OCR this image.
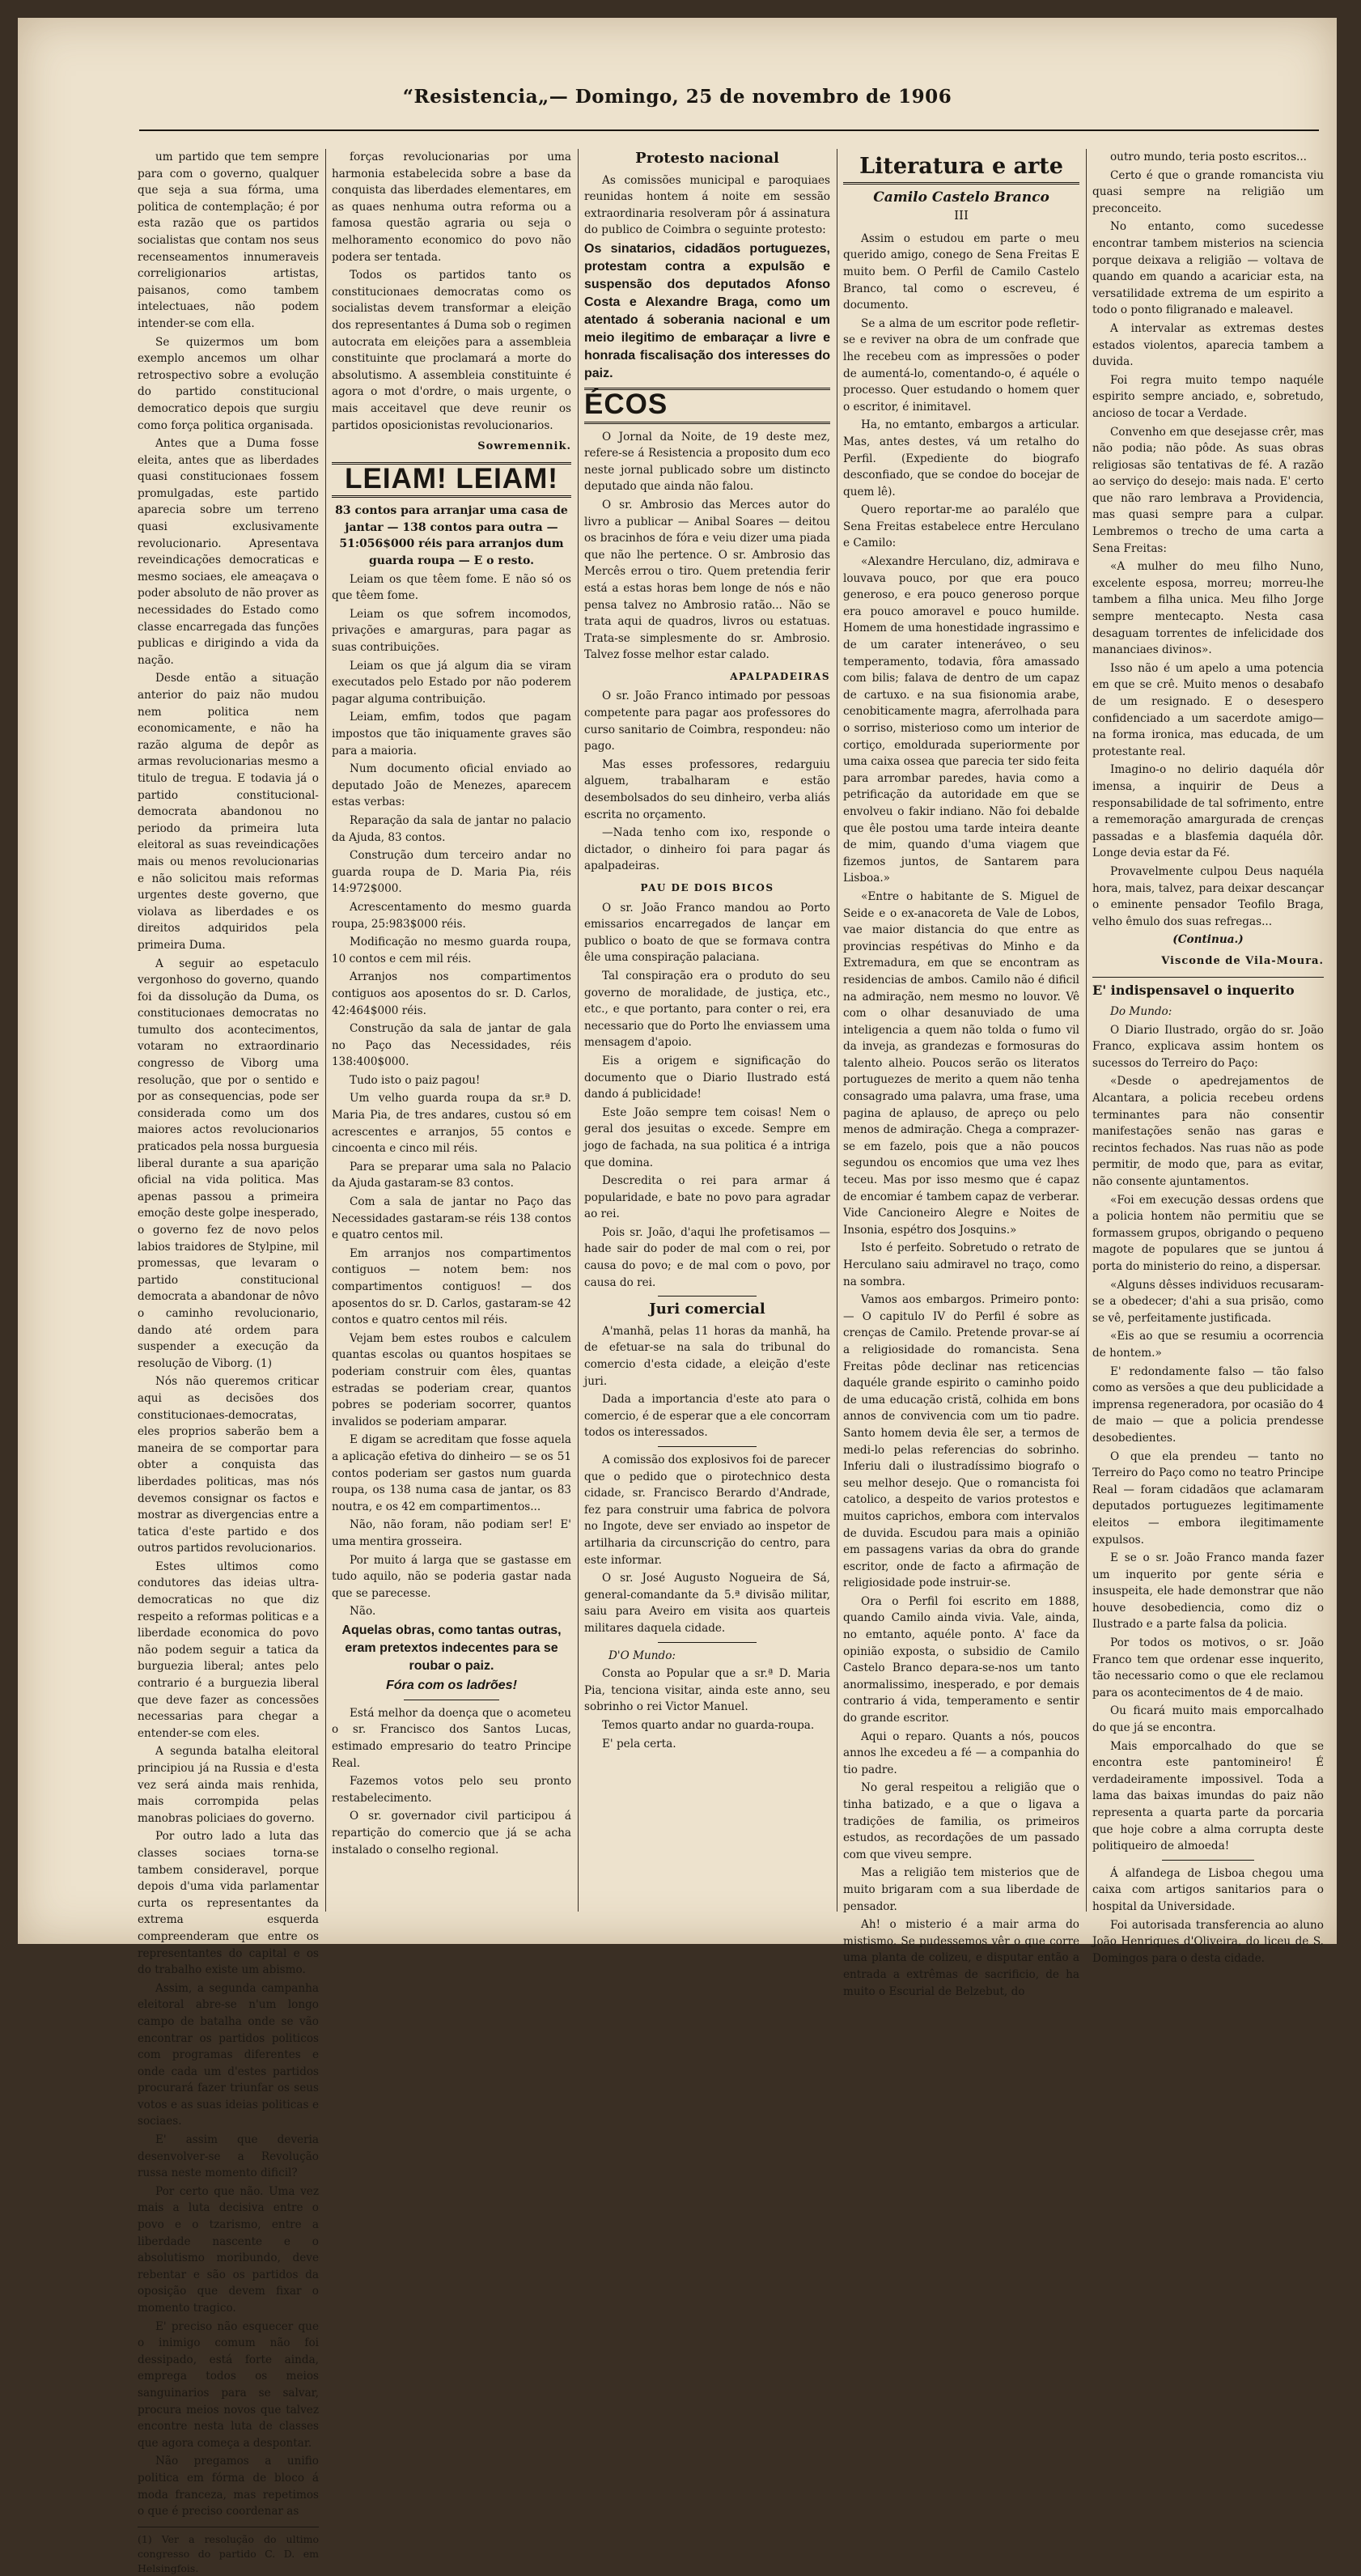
“Resistencia„— Domingo, 25 de novembro de 1906

um partido que tem sempre para com o governo, qualquer que seja a sua fórma, uma politica de contemplação; é por esta razão que os partidos socialistas que contam nos seus recenseamentos innumeraveis correligionarios artistas, paisanos, como tambem intelectuaes, não podem intender-se com ella.

Se quizermos um bom exemplo ancemos um olhar retrospectivo sobre a evolução do partido constitucional democratico depois que surgiu como força politica organisada.

Antes que a Duma fosse eleita, antes que as liberdades quasi constitucionaes fossem promulgadas, este partido aparecia sobre um terreno quasi exclusivamente revolucionario. Apresentava reveindicações democraticas e mesmo sociaes, ele ameaçava o poder absoluto de não prover as necessidades do Estado como classe encarregada das funções publicas e dirigindo a vida da nação.

Desde então a situação anterior do paiz não mudou nem politica nem economicamente, e não ha razão alguma de depôr as armas revolucionarias mesmo a titulo de tregua. E todavia já o partido constitucional-democrata abandonou no periodo da primeira luta eleitoral as suas reveindicações mais ou menos revolucionarias e não solicitou mais reformas urgentes deste governo, que violava as liberdades e os direitos adquiridos pela primeira Duma.

A seguir ao espetaculo vergonhoso do governo, quando foi da dissolução da Duma, os constitucionaes democratas no tumulto dos acontecimentos, votaram no extraordinario congresso de Viborg uma resolução, que por o sentido e por as consequencias, pode ser considerada como um dos maiores actos revolucionarios praticados pela nossa burguesia liberal durante a sua aparição oficial na vida politica. Mas apenas passou a primeira emoção deste golpe inesperado, o governo fez de novo pelos labios traidores de Stylpine, mil promessas, que levaram o partido constitucional democrata a abandonar de nôvo o caminho revolucionario, dando até ordem para suspender a execução da resolução de Viborg. (1)

Nós não queremos criticar aqui as decisões dos constitucionaes-democratas, eles proprios saberão bem a maneira de se comportar para obter a conquista das liberdades politicas, mas nós devemos consignar os factos e mostrar as divergencias entre a tatica d'este partido e dos outros partidos revolucionarios.

Estes ultimos como condutores das ideias ultra-democraticas no que diz respeito a reformas politicas e a liberdade economica do povo não podem seguir a tatica da burguezia liberal; antes pelo contrario é a burguezia liberal que deve fazer as concessões necessarias para chegar a entender-se com eles.

A segunda batalha eleitoral principiou já na Russia e d'esta vez será ainda mais renhida, mais corrompida pelas manobras policiaes do governo.

Por outro lado a luta das classes sociaes torna-se tambem consideravel, porque depois d'uma vida parlamentar curta os representantes da extrema esquerda compreenderam que entre os representantes do capital e os do trabalho existe um abismo.

Assim, a segunda campanha eleitoral abre-se n'um longo campo de batalha onde se vão encontrar os partidos politicos com programas diferentes e onde cada um d'estes partidos procurará fazer triunfar os seus votos e as suas ideias politicas e sociaes.

E' assim que deveria desenvolver-se a Revolução russa neste momento dificil?

Por certo que não. Uma vez mais a luta decisiva entre o povo e o tzarismo, entre a liberdade nascente e o absolutismo moribundo, deve rebentar e são os partidos da oposição que devem fixar o momento tragico.

E' preciso não esquecer que o inimigo comum não foi dessipado, está forte ainda, emprega todos os meios sanguinarios para se salvar, procura meios novos que talvez encontre nesta luta de classes que agora começa a despontar.

Não pregamos a unifio politica em fórma de bloco á moda franceza, mas repetimos o que é preciso coordenar as

(1) Ver a resolução do ultimo congresso do partido C. D. em Helsingfois.

forças revolucionarias por uma harmonia estabelecida sobre a base da conquista das liberdades elementares, em as quaes nenhuma outra reforma ou a famosa questão agraria ou seja o melhoramento economico do povo não podera ser tentada.

Todos os partidos tanto os constitucionaes democratas como os socialistas devem transformar a eleição dos representantes á Duma sob o regimen autocrata em eleições para a assembleia constituinte que proclamará a morte do absolutismo. A assembleia constituinte é agora o mot d'ordre, o mais urgente, o mais acceitavel que deve reunir os partidos oposicionistas revolucionarios.

Sowremennik.
LEIAM! LEIAM!

83 contos para arranjar uma casa de jantar — 138 contos para outra — 51:056$000 réis para arranjos dum guarda roupa — E o resto.

Leiam os que têem fome. E não só os que têem fome.

Leiam os que sofrem incomodos, privações e amarguras, para pagar as suas contribuições.

Leiam os que já algum dia se viram executados pelo Estado por não poderem pagar alguma contribuição.

Leiam, emfim, todos que pagam impostos que tão iniquamente graves são para a maioria.

Num documento oficial enviado ao deputado João de Menezes, aparecem estas verbas:

Reparação da sala de jantar no palacio da Ajuda, 83 contos.

Construção dum terceiro andar no guarda roupa de D. Maria Pia, réis 14:972$000.

Acrescentamento do mesmo guarda roupa, 25:983$000 réis.

Modificação no mesmo guarda roupa, 10 contos e cem mil réis.

Arranjos nos compartimentos contiguos aos aposentos do sr. D. Carlos, 42:464$000 réis.

Construção da sala de jantar de gala no Paço das Necessidades, réis 138:400$000.

Tudo isto o paiz pagou!

Um velho guarda roupa da sr.ª D. Maria Pia, de tres andares, custou só em acrescentes e arranjos, 55 contos e cincoenta e cinco mil réis.

Para se preparar uma sala no Palacio da Ajuda gastaram-se 83 contos.

Com a sala de jantar no Paço das Necessidades gastaram-se réis 138 contos e quatro centos mil.

Em arranjos nos compartimentos contiguos — notem bem: nos compartimentos contiguos! — dos aposentos do sr. D. Carlos, gastaram-se 42 contos e quatro centos mil réis.

Vejam bem estes roubos e calculem quantas escolas ou quantos hospitaes se poderiam construir com êles, quantas estradas se poderiam crear, quantos pobres se poderiam socorrer, quantos invalidos se poderiam amparar.

E digam se acreditam que fosse aquela a aplicação efetiva do dinheiro — se os 51 contos poderiam ser gastos num guarda roupa, os 138 numa casa de jantar, os 83 noutra, e os 42 em compartimentos...

Não, não foram, não podiam ser! E' uma mentira grosseira.

Por muito á larga que se gastasse em tudo aquilo, não se poderia gastar nada que se parecesse.

Não.

Aquelas obras, como tantas outras, eram pretextos indecentes para se roubar o paiz.

Fóra com os ladrões!

Está melhor da doença que o acometeu o sr. Francisco dos Santos Lucas, estimado empresario do teatro Principe Real.

Fazemos votos pelo seu pronto restabelecimento.

O sr. governador civil participou á repartição do comercio que já se acha instalado o conselho regional.

Protesto nacional

As comissões municipal e paroquiaes reunidas hontem á noite em sessão extraordinaria resolveram pôr á assinatura do publico de Coimbra o seguinte protesto:

Os sinatarios, cidadãos portuguezes, protestam contra a expulsão e suspensão dos deputados Afonso Costa e Alexandre Braga, como um atentado á soberania nacional e um meio ilegitimo de embaraçar a livre e honrada fiscalisação dos interesses do paiz.

ÉCOS

O Jornal da Noite, de 19 deste mez, refere-se á Resistencia a proposito dum eco neste jornal publicado sobre um distincto deputado que ainda não falou.

O sr. Ambrosio das Merces autor do livro a publicar — Anibal Soares — deitou os bracinhos de fóra e veiu dizer uma piada que não lhe pertence. O sr. Ambrosio das Mercês errou o tiro. Quem pretendia ferir está a estas horas bem longe de nós e não pensa talvez no Ambrosio ratão... Não se trata aqui de quadros, livros ou estatuas. Trata-se simplesmente do sr. Ambrosio. Talvez fosse melhor estar calado.

APALPADEIRAS

O sr. João Franco intimado por pessoas competente para pagar aos professores do curso sanitario de Coimbra, respondeu: não pago.

Mas esses professores, redarguiu alguem, trabalharam e estão desembolsados do seu dinheiro, verba aliás escrita no orçamento.

—Nada tenho com ixo, responde o dictador, o dinheiro foi para pagar ás apalpadeiras.

PAU DE DOIS BICOS

O sr. João Franco mandou ao Porto emissarios encarregados de lançar em publico o boato de que se formava contra êle uma conspiração palaciana.

Tal conspiração era o produto do seu governo de moralidade, de justiça, etc., etc., e que portanto, para conter o rei, era necessario que do Porto lhe enviassem uma mensagem d'apoio.

Eis a origem e significação do documento que o Diario Ilustrado está dando á publicidade!

Este João sempre tem coisas! Nem o geral dos jesuitas o excede. Sempre em jogo de fachada, na sua politica é a intriga que domina.

Descredita o rei para armar á popularidade, e bate no povo para agradar ao rei.

Pois sr. João, d'aqui lhe profetisamos — hade sair do poder de mal com o rei, por causa do povo; e de mal com o povo, por causa do rei.

Juri comercial

A'manhã, pelas 11 horas da manhã, ha de efetuar-se na sala do tribunal do comercio d'esta cidade, a eleição d'este juri.

Dada a importancia d'este ato para o comercio, é de esperar que a ele concorram todos os interessados.

A comissão dos explosivos foi de parecer que o pedido que o pirotechnico desta cidade, sr. Francisco Berardo d'Andrade, fez para construir uma fabrica de polvora no Ingote, deve ser enviado ao inspetor de artilharia da circunscrição do centro, para este informar.

O sr. José Augusto Nogueira de Sá, general-comandante da 5.ª divisão militar, saiu para Aveiro em visita aos quarteis militares daquela cidade.

D'O Mundo:

Consta ao Popular que a sr.ª D. Maria Pia, tenciona visitar, ainda este anno, seu sobrinho o rei Victor Manuel.

Temos quarto andar no guarda-roupa.

E' pela certa.

Literatura e arte
Camilo Castelo Branco
III

Assim o estudou em parte o meu querido amigo, conego de Sena Freitas E muito bem. O Perfil de Camilo Castelo Branco, tal como o escreveu, é documento.

Se a alma de um escritor pode refletir-se e reviver na obra de um confrade que lhe recebeu com as impressões o poder de aumentá-lo, comentando-o, é aquéle o processo. Quer estudando o homem quer o escritor, é inimitavel.

Ha, no emtanto, embargos a articular. Mas, antes destes, vá um retalho do Perfil. (Expediente do biografo desconfiado, que se condoe do bocejar de quem lê).

Quero reportar-me ao paralélo que Sena Freitas estabelece entre Herculano e Camilo:

«Alexandre Herculano, diz, admirava e louvava pouco, por que era pouco generoso, e era pouco generoso porque era pouco amoravel e pouco humilde. Homem de uma honestidade ingrassimo e de um carater inteneráveo, o seu temperamento, todavia, fôra amassado com bilis; falava de dentro de um capaz de cartuxo. e na sua fisionomia arabe, cenobiticamente magra, aferrolhada para o sorriso, misterioso como um interior de cortiço, emoldurada superiormente por uma caixa ossea que parecia ter sido feita para arrombar paredes, havia como a petrificação da autoridade em que se envolveu o fakir indiano. Não foi debalde que êle postou uma tarde inteira deante de mim, quando d'uma viagem que fizemos juntos, de Santarem para Lisboa.»

«Entre o habitante de S. Miguel de Seide e o ex-anacoreta de Vale de Lobos, vae maior distancia do que entre as provincias respétivas do Minho e da Extremadura, em que se encontram as residencias de ambos. Camilo não é dificil na admiração, nem mesmo no louvor. Vê com o olhar desanuviado de uma inteligencia a quem não tolda o fumo vil da inveja, as grandezas e formosuras do talento alheio. Poucos serão os literatos portuguezes de merito a quem não tenha consagrado uma palavra, uma frase, uma pagina de aplauso, de apreço ou pelo menos de admiração. Chega a comprazer-se em fazelo, pois que a não poucos segundou os encomios que uma vez lhes teceu. Mas por isso mesmo que é capaz de encomiar é tambem capaz de verberar. Vide Cancioneiro Alegre e Noites de Insonia, espétro dos Josquins.»

Isto é perfeito. Sobretudo o retrato de Herculano saiu admiravel no traço, como na sombra.

Vamos aos embargos. Primeiro ponto: — O capitulo IV do Perfil é sobre as crenças de Camilo. Pretende provar-se aí a religiosidade do romancista. Sena Freitas pôde declinar nas reticencias daquéle grande espirito o caminho poido de uma educação cristã, colhida em bons annos de convivencia com um tio padre. Santo homem devia êle ser, a termos de medi-lo pelas referencias do sobrinho. Inferiu dali o ilustradíssimo biografo o seu melhor desejo. Que o romancista foi catolico, a despeito de varios protestos e muitos caprichos, embora com intervalos de duvida. Escudou para mais a opinião em passagens varias da obra do grande escritor, onde de facto a afirmação de religiosidade pode instruir-se.

Ora o Perfil foi escrito em 1888, quando Camilo ainda vivia. Vale, ainda, no emtanto, aquéle ponto. A' face da opinião exposta, o subsidio de Camilo Castelo Branco depara-se-nos um tanto anormalissimo, inesperado, e por demais contrario á vida, temperamento e sentir do grande escritor.

Aqui o reparo. Quants a nós, poucos annos lhe excedeu a fé — a companhia do tio padre.

No geral respeitou a religião que o tinha batizado, e a que o ligava a tradições de familia, os primeiros estudos, as recordações de um passado com que viveu sempre.

Mas a religião tem misterios que de muito brigaram com a sua liberdade de pensador.

Ah! o misterio é a mair arma do mistismo. Se pudessemos vêr o que corre uma planta de colizeu, e disputar então a entrada a extrêmas de sacrificio, de ha muito o Escurial de Belzebut, do

outro mundo, teria posto escritos...

Certo é que o grande romancista viu quasi sempre na religião um preconceito.

No entanto, como sucedesse encontrar tambem misterios na sciencia porque deixava a religião — voltava de quando em quando a acariciar esta, na versatilidade extrema de um espirito a todo o ponto filigranado e maleavel.

A intervalar as extremas destes estados violentos, aparecia tambem a duvida.

Foi regra muito tempo naquéle espirito sempre anciado, e, sobretudo, ancioso de tocar a Verdade.

Convenho em que desejasse crêr, mas não podia; não pôde. As suas obras religiosas são tentativas de fé. A razão ao serviço do desejo: mais nada. E' certo que não raro lembrava a Providencia, mas quasi sempre para a culpar. Lembremos o trecho de uma carta a Sena Freitas:

«A mulher do meu filho Nuno, excelente esposa, morreu; morreu-lhe tambem a filha unica. Meu filho Jorge sempre mentecapto. Nesta casa desaguam torrentes de infelicidade dos mananciaes divinos».

Isso não é um apelo a uma potencia em que se crê. Muito menos o desabafo de um resignado. E o desespero confidenciado a um sacerdote amigo— na forma ironica, mas educada, de um protestante real.

Imagino-o no delirio daquéla dôr imensa, a inquirir de Deus a responsabilidade de tal sofrimento, entre a rememoração amargurada de crenças passadas e a blasfemia daquéla dôr. Longe devia estar da Fé.

Provavelmente culpou Deus naquéla hora, mais, talvez, para deixar descançar o eminente pensador Teofilo Braga, velho êmulo dos suas refregas...

(Continua.)

Visconde de Vila-Moura.
E' indispensavel o inquerito

Do Mundo:

O Diario Ilustrado, orgão do sr. João Franco, explicava assim hontem os sucessos do Terreiro do Paço:

«Desde o apedrejamentos de Alcantara, a policia recebeu ordens terminantes para não consentir manifestações senão nas garas e recintos fechados. Nas ruas não as pode permitir, de modo que, para as evitar, não consente ajuntamentos.

«Foi em execução dessas ordens que a policia hontem não permitiu que se formassem grupos, obrigando o pequeno magote de populares que se juntou á porta do ministerio do reino, a dispersar.

«Alguns dêsses individuos recusaram-se a obedecer; d'ahi a sua prisão, como se vê, perfeitamente justificada.

«Eis ao que se resumiu a ocorrencia de hontem.»

E' redondamente falso — tão falso como as versões a que deu publicidade a imprensa regeneradora, por ocasião do 4 de maio — que a policia prendesse desobedientes.

O que ela prendeu — tanto no Terreiro do Paço como no teatro Principe Real — foram cidadãos que aclamaram deputados portuguezes legitimamente eleitos — embora ilegitimamente expulsos.

E se o sr. João Franco manda fazer um inquerito por gente séria e insuspeita, ele hade demonstrar que não houve desobediencia, como diz o Ilustrado e a parte falsa da policia.

Por todos os motivos, o sr. João Franco tem que ordenar esse inquerito, tão necessario como o que ele reclamou para os acontecimentos de 4 de maio.

Ou ficará muito mais emporcalhado do que já se encontra.

Mais emporcalhado do que se encontra este pantomineiro! É verdadeiramente impossivel. Toda a lama das baixas imundas do paiz não representa a quarta parte da porcaria que hoje cobre a alma corrupta deste politiqueiro de almoeda!

Á alfandega de Lisboa chegou uma caixa com artigos sanitarios para o hospital da Universidade.

Foi autorisada transferencia ao aluno João Henriques d'Oliveira, do liceu de S. Domingos para o desta cidade.
